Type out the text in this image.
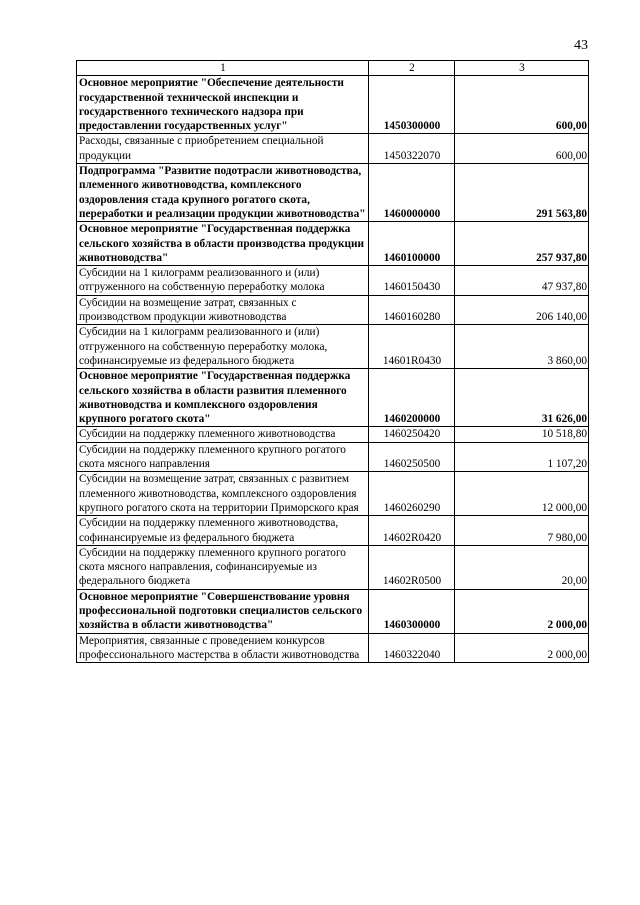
43
1	2	3
Основное мероприятие "Обеспечение деятельности государственной технической инспекции и государственного технического надзора при предоставлении государственных услуг"	1450300000	600,00
Расходы, связанные с приобретением специальной продукции	1450322070	600,00
Подпрограмма "Развитие подотрасли животноводства, племенного животноводства, комплексного оздоровления стада крупного рогатого скота, переработки и реализации продукции животноводства"	1460000000	291 563,80
Основное мероприятие "Государственная поддержка сельского хозяйства в области производства продукции животноводства"	1460100000	257 937,80
Субсидии на 1 килограмм реализованного и (или) отгруженного на собственную переработку молока	1460150430	47 937,80
Субсидии на возмещение затрат, связанных с производством продукции животноводства	1460160280	206 140,00
Субсидии на 1 килограмм реализованного и (или) отгруженного на собственную переработку молока, софинансируемые из федерального бюджета	14601R0430	3 860,00
Основное мероприятие "Государственная поддержка сельского хозяйства в области развития племенного животноводства и комплексного оздоровления крупного рогатого скота"	1460200000	31 626,00
Субсидии на поддержку племенного животноводства	1460250420	10 518,80
Субсидии на поддержку племенного крупного рогатого скота мясного направления	1460250500	1 107,20
Субсидии на возмещение затрат, связанных с развитием племенного животноводства, комплексного оздоровления крупного рогатого скота на территории Приморского края	1460260290	12 000,00
Субсидии на поддержку племенного животноводства, софинансируемые из федерального бюджета	14602R0420	7 980,00
Субсидии на поддержку племенного крупного рогатого скота мясного направления, софинансируемые из федерального бюджета	14602R0500	20,00
Основное мероприятие "Совершенствование уровня профессиональной подготовки специалистов сельского хозяйства в области животноводства"	1460300000	2 000,00
Мероприятия, связанные с проведением конкурсов профессионального мастерства в области животноводства	1460322040	2 000,00
